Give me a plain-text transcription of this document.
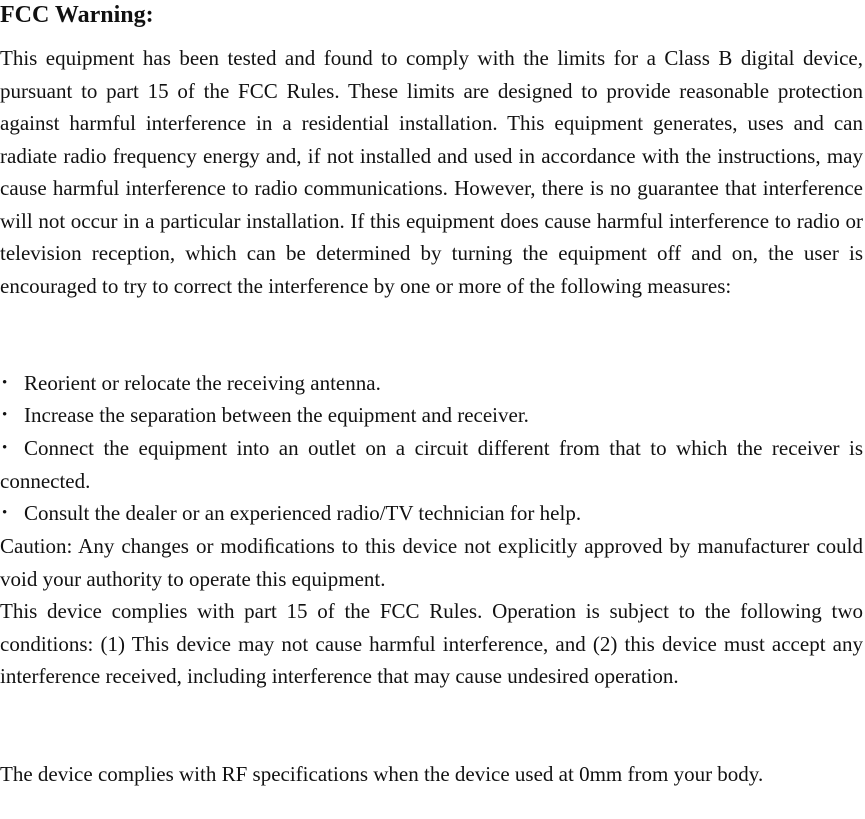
FCC Warning:

This equipment has been tested and found to comply with the limits for a Class B digital device, pursuant to part 15 of the FCC Rules. These limits are designed to provide reasonable protection against harmful interference in a residential installation. This equipment generates, uses and can radiate radio frequency energy and, if not installed and used in accordance with the instructions, may cause harmful interference to radio communications. However, there is no guarantee that interference will not occur in a particular installation. If this equipment does cause harmful interference to radio or television reception, which can be determined by turning the equipment off and on, the user is encouraged to try to correct the interference by one or more of the following measures:

• Reorient or relocate the receiving antenna.

• Increase the separation between the equipment and receiver.

• Connect the equipment into an outlet on a circuit different from that to which the receiver is connected.

• Consult the dealer or an experienced radio/TV technician for help.

Caution: Any changes or modiﬁcations to this device not explicitly approved by manufacturer could void your authority to operate this equipment.

This device complies with part 15 of the FCC Rules. Operation is subject to the following two conditions: (1) This device may not cause harmful interference, and (2) this device must accept any interference received, including interference that may cause undesired operation.

The device complies with RF specifications when the device used at 0mm from your body.
